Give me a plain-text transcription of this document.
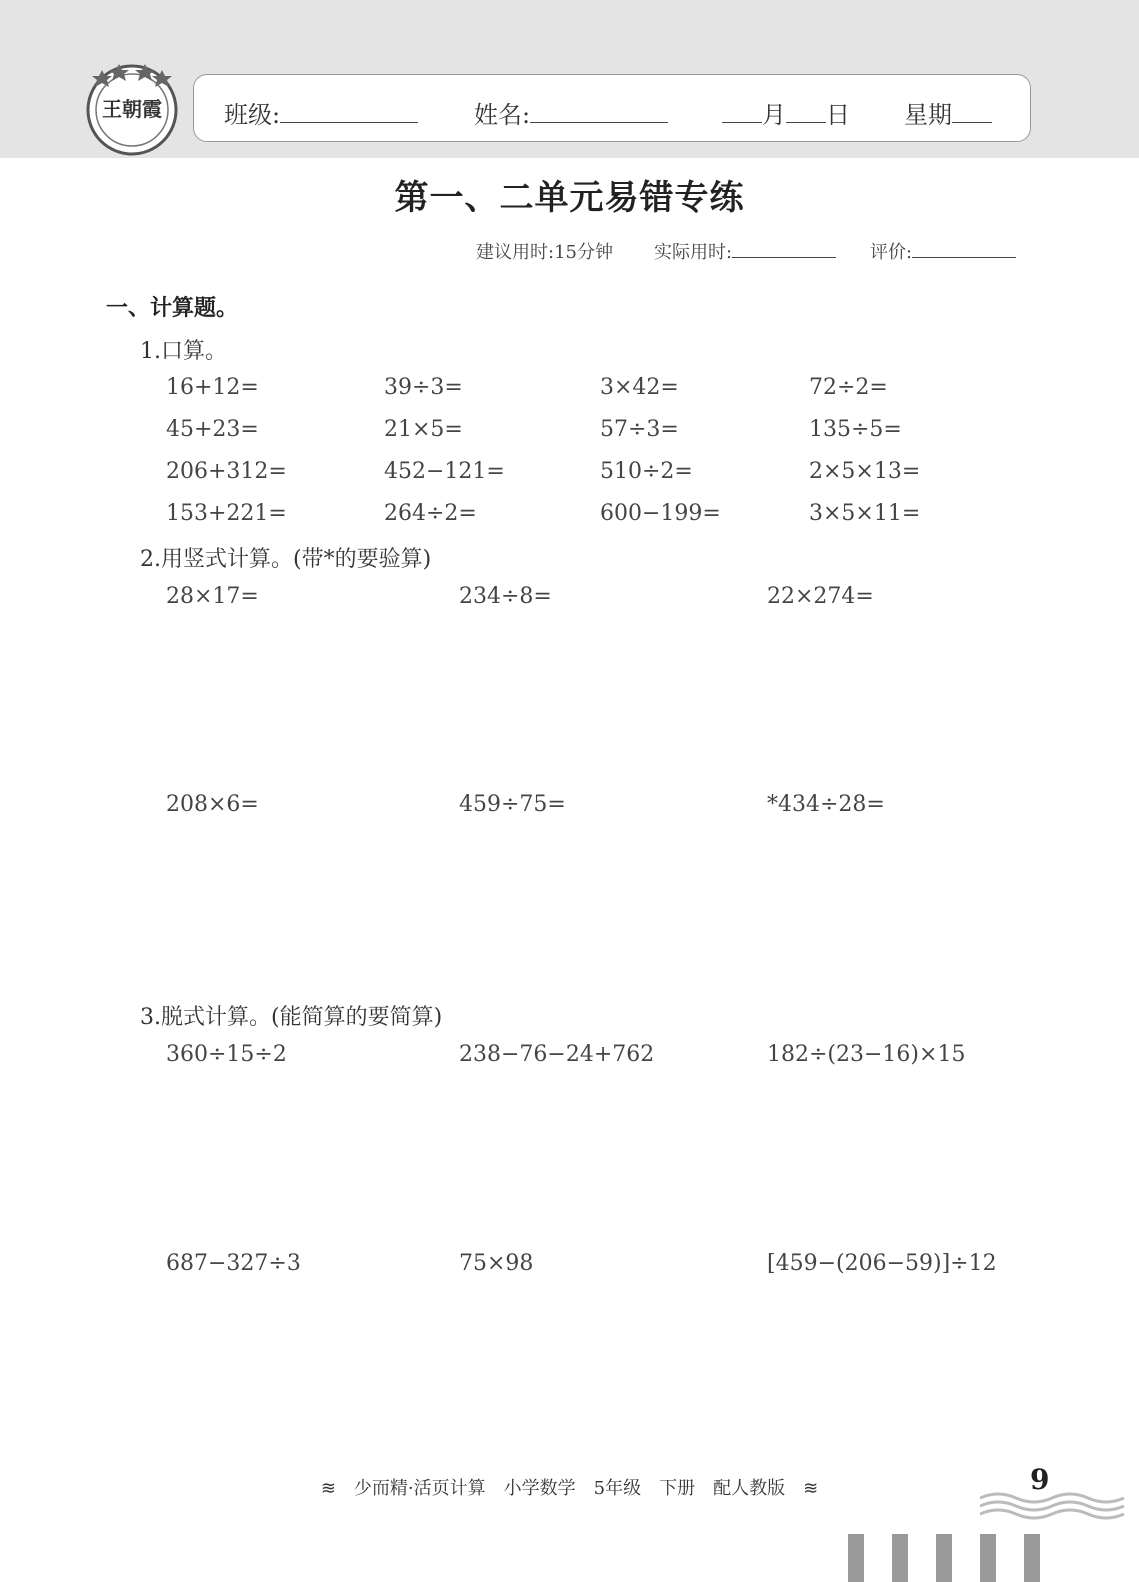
王朝霞	班级:	姓名:	月 日 星期
第一、二单元易错专练
建议用时:15分钟 实际用时:	评价:
一、计算题。
1.口算。
16+12=	39÷3=	3×42=	72÷2=
45+23=	21×5=	57÷3=	135÷5=
206+312=	452−121=	510÷2=	2×5×13=
153+221=	264÷2=	600−199=	3×5×11=
2.用竖式计算。(带*的要验算)
28×17=	234÷8=	22×274=
208×6=	459÷75=	*434÷28=
3.脱式计算。(能简算的要简算)
360÷15÷2	238−76−24+762	182÷(23−16)×15
687−327÷3	75×98	[459−(206−59)]÷12
≋ 少而精·活页计算 小学数学 5年级 下册 配人教版 ≋	9
